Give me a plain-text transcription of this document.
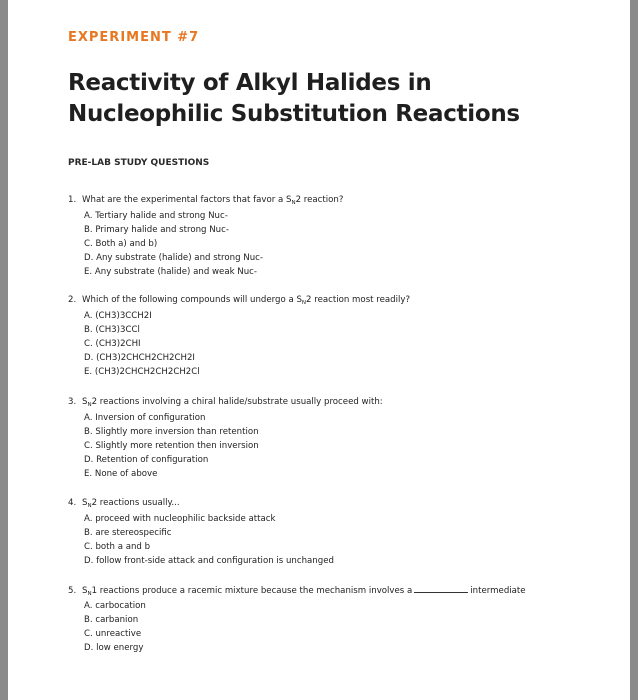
EXPERIMENT #7
Reactivity of Alkyl Halides in
Nucleophilic Substitution Reactions
PRE-LAB STUDY QUESTIONS
1. What are the experimental factors that favor a $S_N2$ reaction?
A. Tertiary halide and strong Nuc-
B. Primary halide and strong Nuc-
C. Both a) and b)
D. Any substrate (halide) and strong Nuc-
E. Any substrate (halide) and weak Nuc-
2. Which of the following compounds will undergo a $S_N2$ reaction most readily?
A. (CH3)3CCH2I
B. (CH3)3CCl
C. (CH3)2CHI
D. (CH3)2CHCH2CH2CH2I
E. (CH3)2CHCH2CH2CH2Cl
3. $S_N2$ reactions involving a chiral halide/substrate usually proceed with:
A. Inversion of configuration
B. Slightly more inversion than retention
C. Slightly more retention then inversion
D. Retention of configuration
E. None of above
4. $S_N2$ reactions usually...
A. proceed with nucleophilic backside attack
B. are stereospecific
C. both a and b
D. follow front-side attack and configuration is unchanged
5. $S_N1$ reactions produce a racemic mixture because the mechanism involves a	intermediate
A. carbocation
B. carbanion
C. unreactive
D. low energy
